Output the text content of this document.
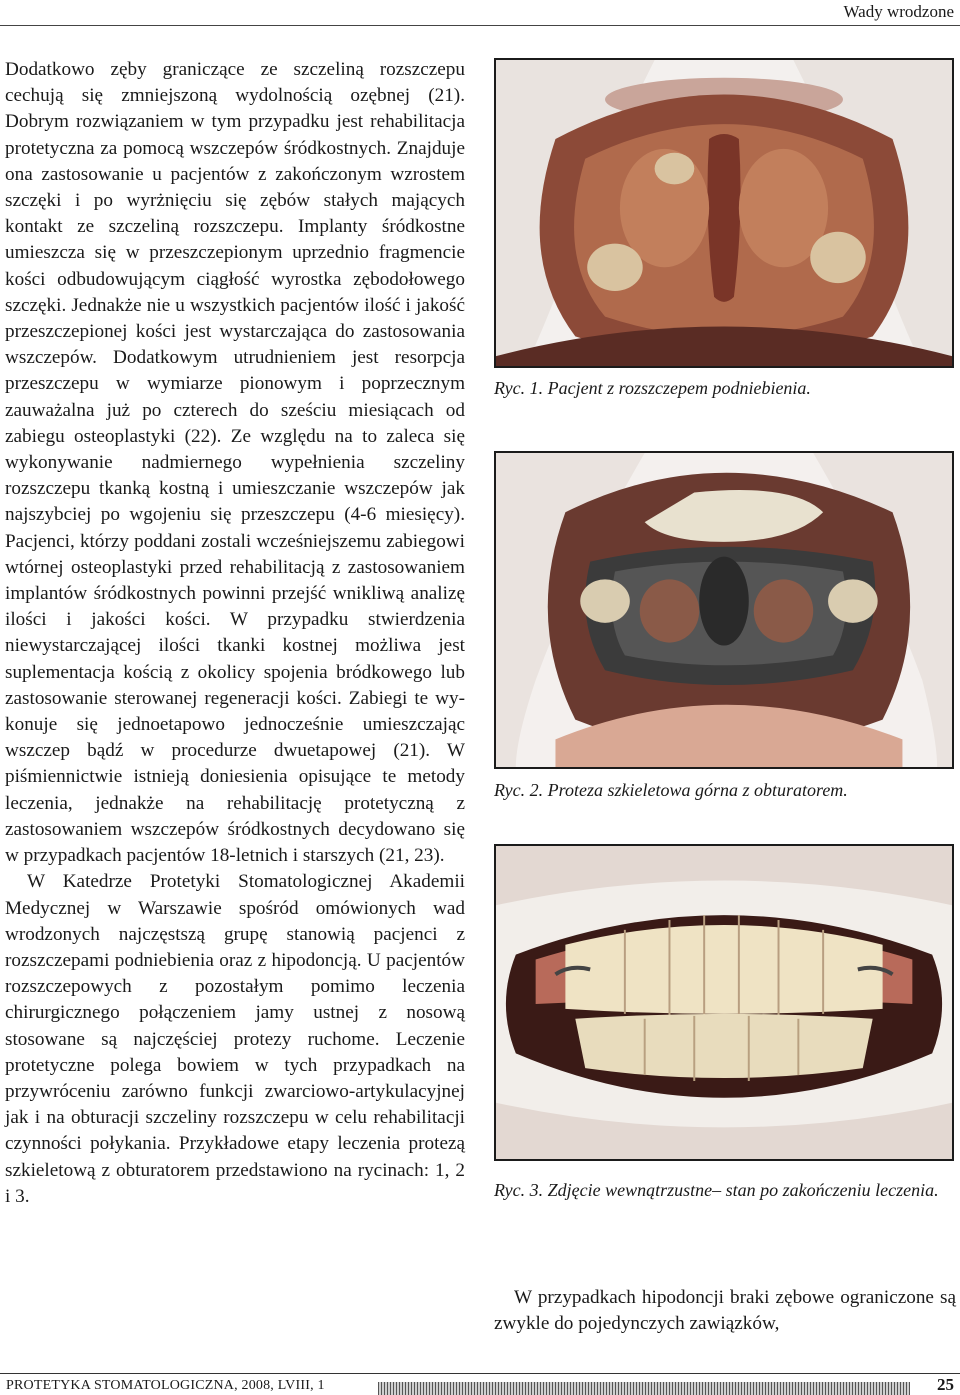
Wady wrodzone

Dodatkowo zęby graniczące ze szczeliną rozszczepu cechują się zmniejszoną wydolnością ozębnej (21). Dobrym rozwiązaniem w tym przypadku jest rehabilitacja protetyczna za pomocą wszczepów śródkostnych. Znajduje ona zastosowanie u pacjentów z zakończonym wzrostem szczęki i po wyrżnięciu się zębów stałych mających kontakt ze szczeliną rozszczepu. Implanty śródkostne umieszcza się w przeszczepionym uprzednio fragmencie kości odbudowującym ciągłość wyrostka zębodołowego szczęki. Jednakże nie u wszystkich pacjentów ilość i jakość przeszczepionej kości jest wystarczająca do zastosowania wszczepów. Dodatkowym utrudnieniem jest resorpcja przeszczepu w wymiarze pionowym i poprzecznym zauważalna już po czterech do sześciu miesiącach od zabiegu osteoplastyki (22). Ze względu na to zaleca się wykonywanie nadmiernego wypełnienia szczeliny rozszczepu tkanką kostną i umieszczanie wszczepów jak najszybciej po wgojeniu się przeszczepu (4-6 miesięcy). Pacjenci, którzy poddani zostali wcześniejszemu zabiegowi wtórnej osteoplastyki przed rehabilitacją z zastosowaniem implantów śródkostnych powinni przejść wnikliwą analizę ilości i jakości kości. W przypadku stwierdzenia niewystarczającej ilości tkanki kostnej możliwa jest suplementacja kością z okolicy spojenia bródkowego lub zastosowanie sterowanej regeneracji kości. Zabiegi te wykonuje się jednoetapowo jednocześnie umieszczając wszczep bądź w procedurze dwuetapowej (21). W piśmiennictwie istnieją doniesienia opisujące te metody leczenia, jednakże na rehabilitację protetyczną z zastosowaniem wszczepów śródkostnych decydowano się w przypadkach pacjentów 18-letnich i starszych (21, 23).

W Katedrze Protetyki Stomatologicznej Akademii Medycznej w Warszawie spośród omówionych wad wrodzonych najczęstszą grupę stanowią pacjenci z rozszczepami podniebienia oraz z hipodoncją. U pacjentów rozszczepowych z pozostałym pomimo leczenia chirurgicznego połączeniem jamy ustnej z nosową stosowane są najczęściej protezy ruchome. Leczenie protetyczne polega bowiem w tych przypadkach na przywróceniu zarówno funkcji zwarciowo-artykulacyjnej jak i na obturacji szczeliny rozszczepu w celu rehabilitacji czynności połykania. Przykładowe etapy leczenia protezą szkieletową z obturatorem przedstawiono na rycinach: 1, 2 i 3.

Ryc. 1. Pacjent z rozszczepem podniebienia.
Ryc. 2. Proteza szkieletowa górna z obturatorem.
Ryc. 3. Zdjęcie wewnątrzustne– stan po zakończeniu leczenia.

W przypadkach hipodoncji braki zębowe ograniczone są zwykle do pojedynczych zawiązków,

PROTETYKA STOMATOLOGICZNA, 2008, LVIII, 1	25
